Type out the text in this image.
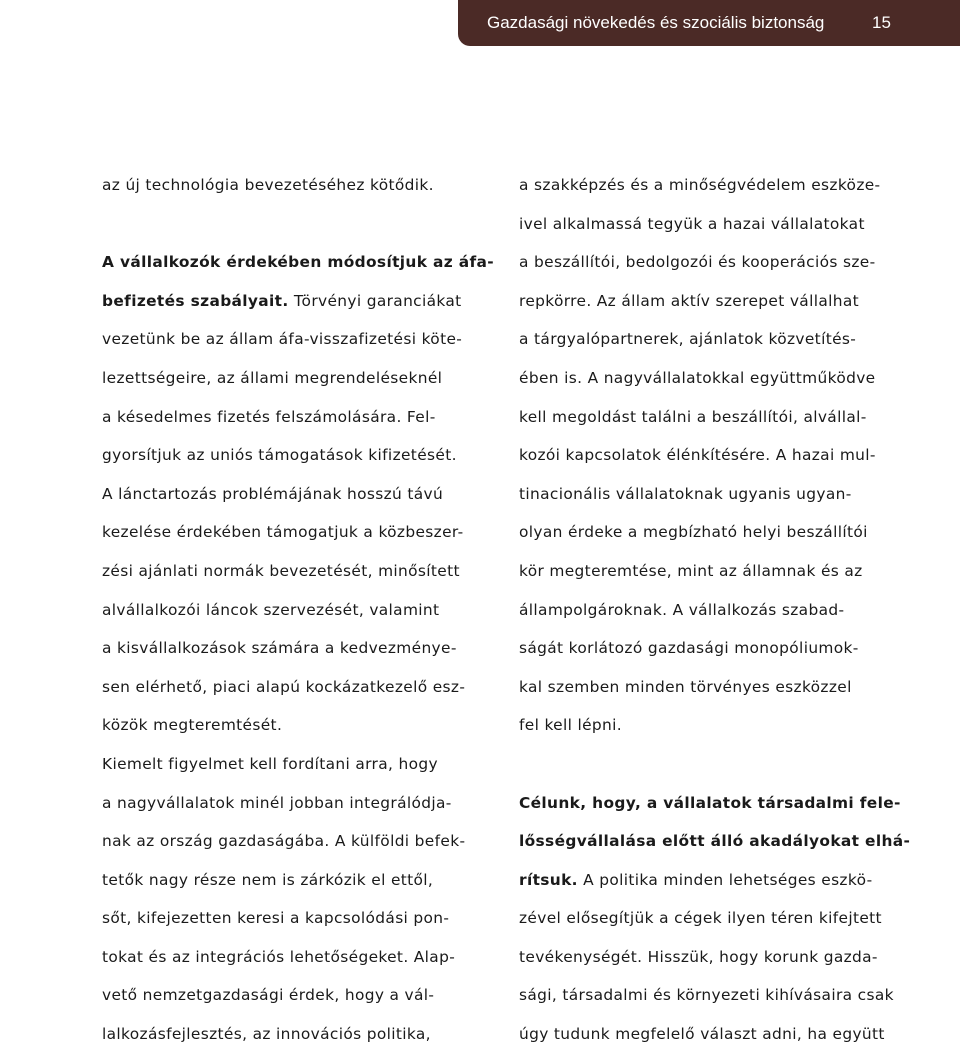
Gazdasági növekedés és szociális biztonság	15
az új technológia bevezetéséhez kötődik.
A vállalkozók érdekében módosítjuk az áfa-
befizetés szabályait. Törvényi garanciákat
vezetünk be az állam áfa-visszafizetési köte-
lezettségeire, az állami megrendeléseknél
a késedelmes fizetés felszámolására. Fel-
gyorsítjuk az uniós támogatások kifizetését.
A lánctartozás problémájának hosszú távú
kezelése érdekében támogatjuk a közbeszer-
zési ajánlati normák bevezetését, minősített
alvállalkozói láncok szervezését, valamint
a kisvállalkozások számára a kedvezménye-
sen elérhető, piaci alapú kockázatkezelő esz-
közök megteremtését.
Kiemelt figyelmet kell fordítani arra, hogy
a nagyvállalatok minél jobban integrálódja-
nak az ország gazdaságába. A külföldi befek-
tetők nagy része nem is zárkózik el ettől,
sőt, kifejezetten keresi a kapcsolódási pon-
tokat és az integrációs lehetőségeket. Alap-
vető nemzetgazdasági érdek, hogy a vál-
lalkozásfejlesztés, az innovációs politika,
a szakképzés és a minőségvédelem eszköze-
ivel alkalmassá tegyük a hazai vállalatokat
a beszállítói, bedolgozói és kooperációs sze-
repkörre. Az állam aktív szerepet vállalhat
a tárgyalópartnerek, ajánlatok közvetítés-
ében is. A nagyvállalatokkal együttműködve
kell megoldást találni a beszállítói, alvállal-
kozói kapcsolatok élénkítésére. A hazai mul-
tinacionális vállalatoknak ugyanis ugyan-
olyan érdeke a megbízható helyi beszállítói
kör megteremtése, mint az államnak és az
állampolgároknak. A vállalkozás szabad-
ságát korlátozó gazdasági monopóliumok-
kal szemben minden törvényes eszközzel
fel kell lépni.
Célunk, hogy, a vállalatok társadalmi fele-
lősségvállalása előtt álló akadályokat elhá-
rítsuk. A politika minden lehetséges eszkö-
zével elősegítjük a cégek ilyen téren kifejtett
tevékenységét. Hisszük, hogy korunk gazda-
sági, társadalmi és környezeti kihívásaira csak
úgy tudunk megfelelő választ adni, ha együtt
